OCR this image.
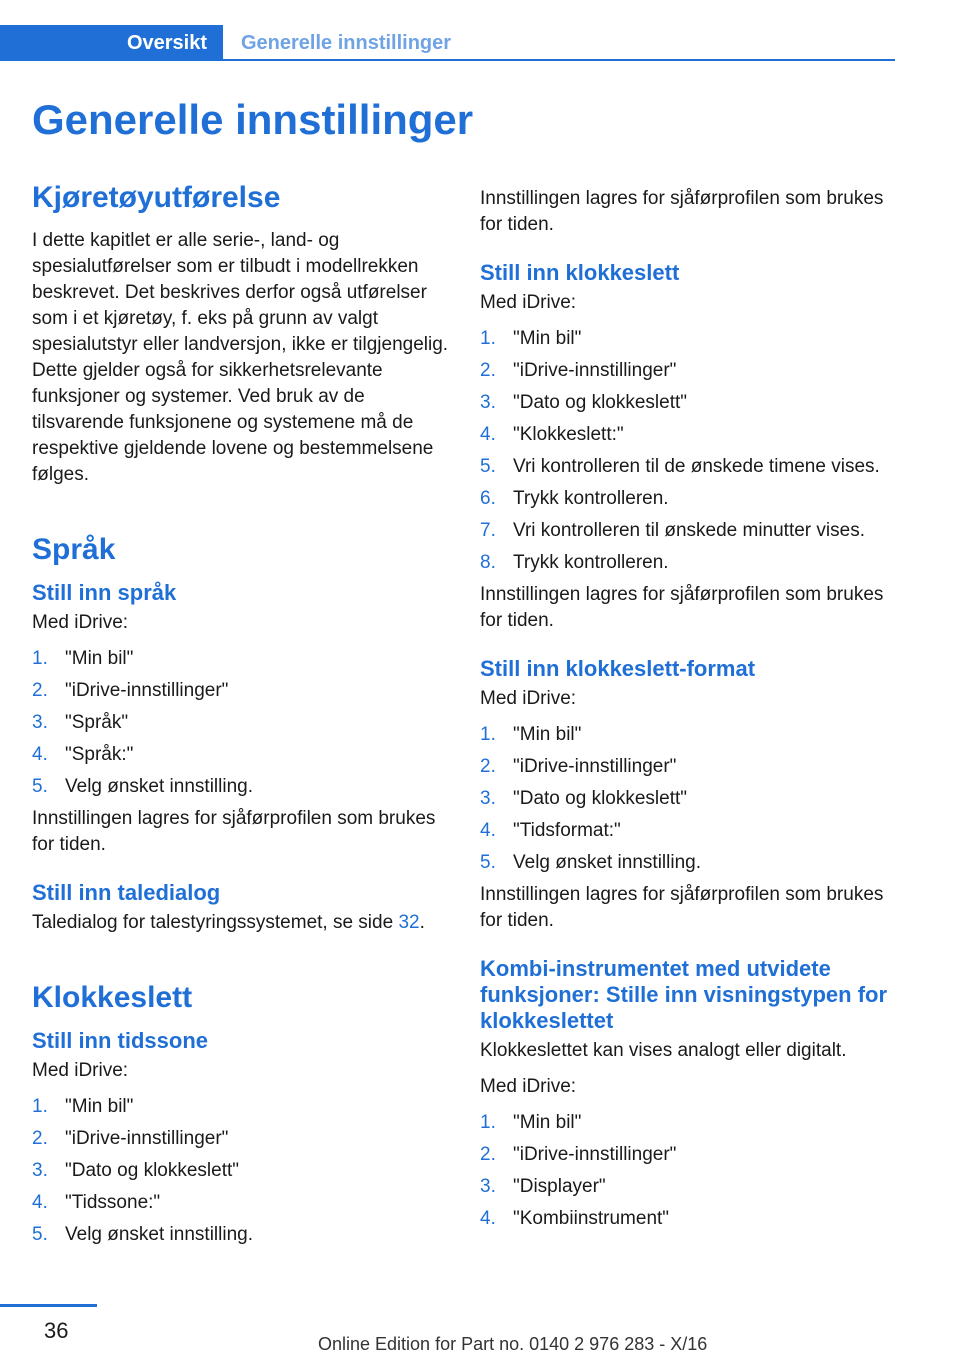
Oversikt	Generelle innstillinger
Generelle innstillinger
Kjøretøyutførelse

I dette kapitlet er alle serie-, land- og spesialutførelser som er tilbudt i modellrekken beskrevet. Det beskrives derfor også utførelser som i et kjøretøy, f. eks på grunn av valgt spesialutstyr eller landversjon, ikke er tilgjengelig. Dette gjelder også for sikkerhetsrelevante funksjoner og systemer. Ved bruk av de tilsvarende funksjonene og systemene må de respektive gjeldende lovene og bestemmelsene følges.

Språk
Still inn språk

Med iDrive:

1. "Min bil"
2. "iDrive-innstillinger"
3. "Språk"
4. "Språk:"
5. Velg ønsket innstilling.

Innstillingen lagres for sjåførprofilen som brukes for tiden.

Still inn taledialog

Taledialog for talestyringssystemet, se side 32.

Klokkeslett
Still inn tidssone

Med iDrive:

1. "Min bil"
2. "iDrive-innstillinger"
3. "Dato og klokkeslett"
4. "Tidssone:"
5. Velg ønsket innstilling.

Innstillingen lagres for sjåførprofilen som brukes for tiden.

Still inn klokkeslett

Med iDrive:

1. "Min bil"
2. "iDrive-innstillinger"
3. "Dato og klokkeslett"
4. "Klokkeslett:"
5. Vri kontrolleren til de ønskede timene vises.
6. Trykk kontrolleren.
7. Vri kontrolleren til ønskede minutter vises.
8. Trykk kontrolleren.

Innstillingen lagres for sjåførprofilen som brukes for tiden.

Still inn klokkeslett-format

Med iDrive:

1. "Min bil"
2. "iDrive-innstillinger"
3. "Dato og klokkeslett"
4. "Tidsformat:"
5. Velg ønsket innstilling.

Innstillingen lagres for sjåførprofilen som brukes for tiden.

Kombi-instrumentet med utvidete funksjoner: Stille inn visningstypen for klokkeslettet

Klokkeslettet kan vises analogt eller digitalt.

Med iDrive:

1. "Min bil"
2. "iDrive-innstillinger"
3. "Displayer"
4. "Kombiinstrument"
36
Online Edition for Part no. 0140 2 976 283 - X/16
